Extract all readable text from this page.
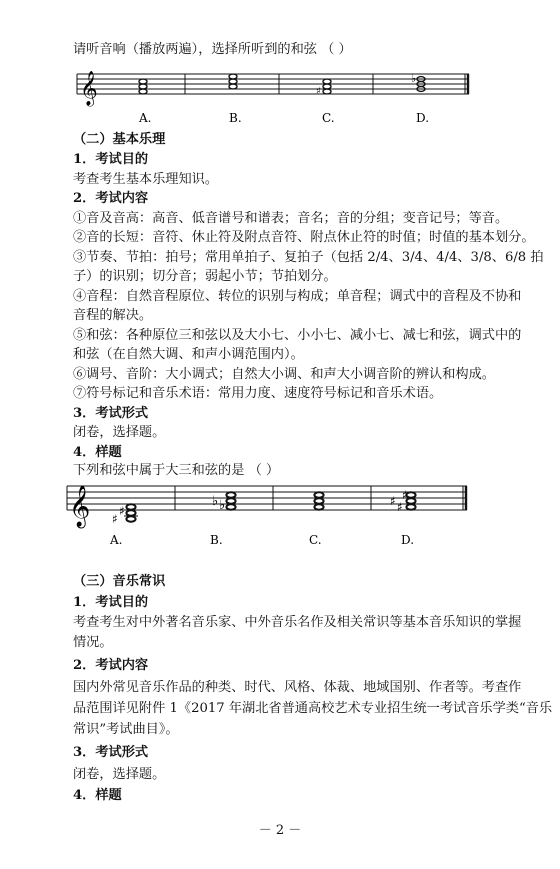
请听音响（播放两遍），选择所听到的和弦 （ ）
𝄞	♯
♭
A.	B.	C.	D.
（二）基本乐理
1．考试目的
考查考生基本乐理知识。
2．考试内容
①音及音高：高音、低音谱号和谱表；音名；音的分组；变音记号；等音。
②音的长短：音符、休止符及附点音符、附点休止符的时值；时值的基本划分。
③节奏、节拍：拍号；常用单拍子、复拍子（包括 2/4、3/4、4/4、3/8、6/8 拍
子）的识别；切分音；弱起小节；节拍划分。
④音程：自然音程原位、转位的识别与构成；单音程；调式中的音程及不协和
音程的解决。
⑤和弦：各种原位三和弦以及大小七、小小七、减小七、减七和弦，调式中的
和弦（在自然大调、和声小调范围内）。
⑥调号、音阶：大小调式；自然大小调、和声大小调音阶的辨认和构成。
⑦符号标记和音乐术语：常用力度、速度符号标记和音乐术语。
3．考试形式
闭卷，选择题。
4．样题
下列和弦中属于大三和弦的是 （ ）
𝄞 ♯
♯
♭ ♭	♯
♯ ♯
A.	B.	C.	D.
（三）音乐常识
1．考试目的
考查考生对中外著名音乐家、中外音乐名作及相关常识等基本音乐知识的掌握
情况。
2．考试内容
国内外常见音乐作品的种类、时代、风格、体裁、地域国别、作者等。考查作
品范围详见附件 1《2017 年湖北省普通高校艺术专业招生统一考试音乐学类“音乐
常识”考试曲目》。
3．考试形式
闭卷，选择题。
4．样题
－ 2 －
